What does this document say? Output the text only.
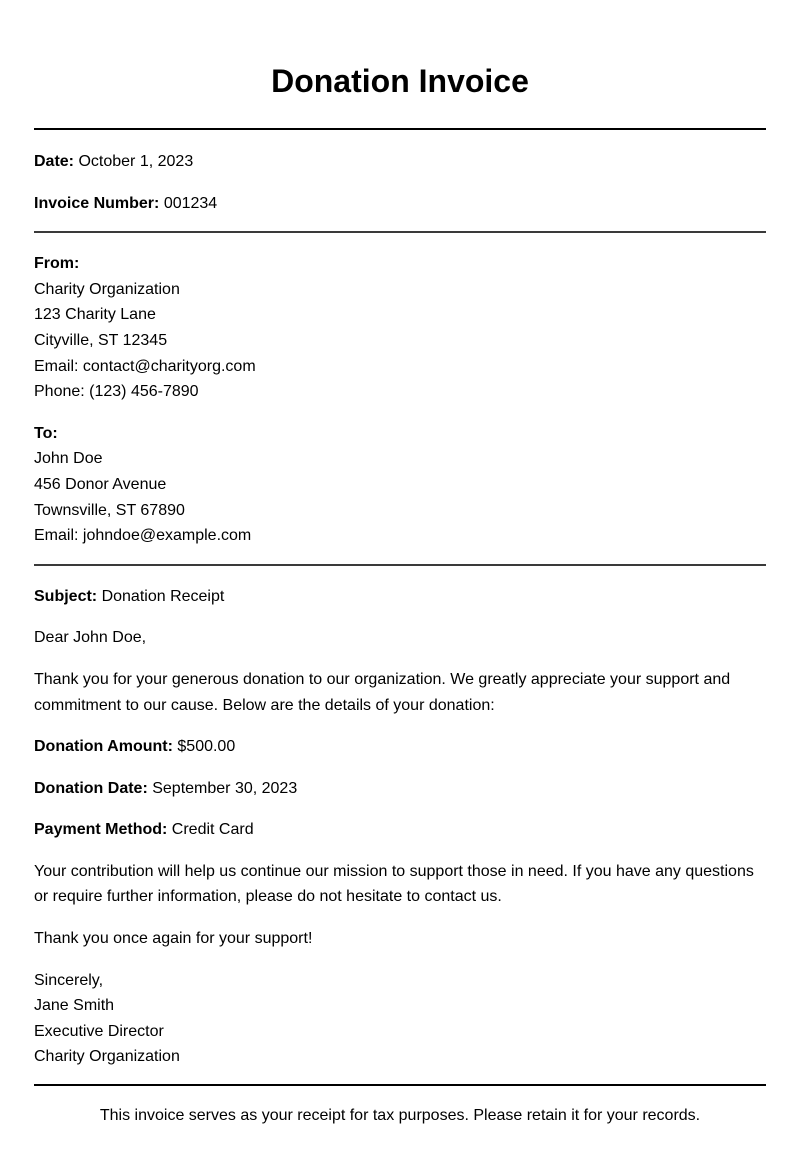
Donation Invoice

Date: October 1, 2023

Invoice Number: 001234

From:

Charity Organization

123 Charity Lane

Cityville, ST 12345

Email: contact@charityorg.com

Phone: (123) 456-7890

To:

John Doe

456 Donor Avenue

Townsville, ST 67890

Email: johndoe@example.com

Subject: Donation Receipt

Dear John Doe,

Thank you for your generous donation to our organization. We greatly appreciate your support and commitment to our cause. Below are the details of your donation:

Donation Amount: $500.00

Donation Date: September 30, 2023

Payment Method: Credit Card

Your contribution will help us continue our mission to support those in need. If you have any questions or require further information, please do not hesitate to contact us.

Thank you once again for your support!

Sincerely,

Jane Smith

Executive Director

Charity Organization

This invoice serves as your receipt for tax purposes. Please retain it for your records.
